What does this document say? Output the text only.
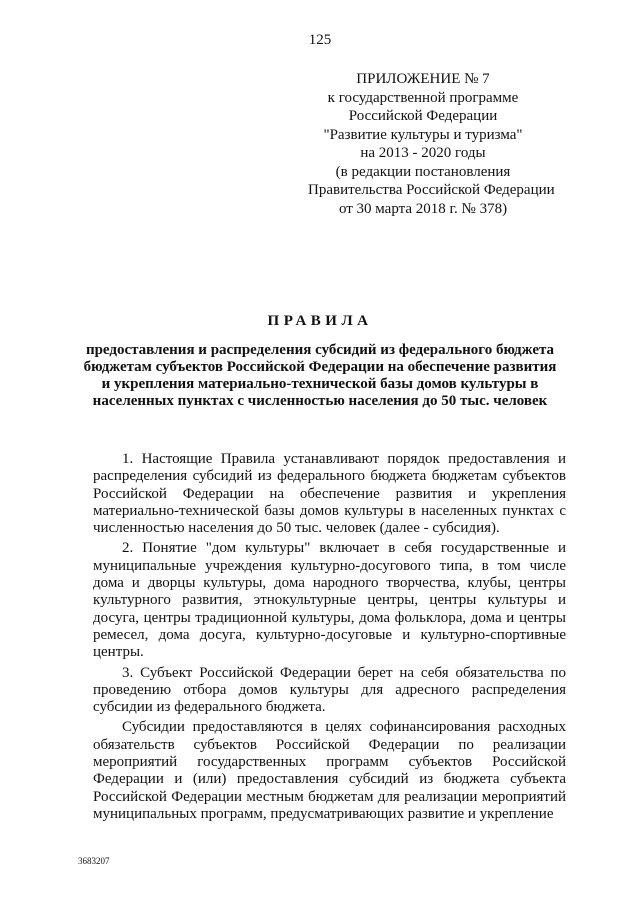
125
ПРИЛОЖЕНИЕ № 7
к государственной программе
Российской Федерации
"Развитие культуры и туризма"
на 2013 - 2020 годы
(в редакции постановления
Правительства Российской Федерации
от 30 марта 2018 г. № 378)
ПРАВИЛА
предоставления и распределения субсидий из федерального бюджета
бюджетам субъектов Российской Федерации на обеспечение развития
и укрепления материально-технической базы домов культуры в
населенных пунктах с численностью населения до 50 тыс. человек

1. Настоящие Правила устанавливают порядок предоставления и распределения субсидий из федерального бюджета бюджетам субъектов Российской Федерации на обеспечение развития и укрепления материально-технической базы домов культуры в населенных пунктах с численностью населения до 50 тыс. человек (далее - субсидия).

2. Понятие "дом культуры" включает в себя государственные и муниципальные учреждения культурно-досугового типа, в том числе дома и дворцы культуры, дома народного творчества, клубы, центры культурного развития, этнокультурные центры, центры культуры и досуга, центры традиционной культуры, дома фольклора, дома и центры ремесел, дома досуга, культурно-досуговые и культурно-спортивные центры.

3. Субъект Российской Федерации берет на себя обязательства по проведению отбора домов культуры для адресного распределения субсидии из федерального бюджета.

Субсидии предоставляются в целях софинансирования расходных обязательств субъектов Российской Федерации по реализации мероприятий государственных программ субъектов Российской Федерации и (или) предоставления субсидий из бюджета субъекта Российской Федерации местным бюджетам для реализации мероприятий муниципальных программ, предусматривающих развитие и укрепление

3683207
